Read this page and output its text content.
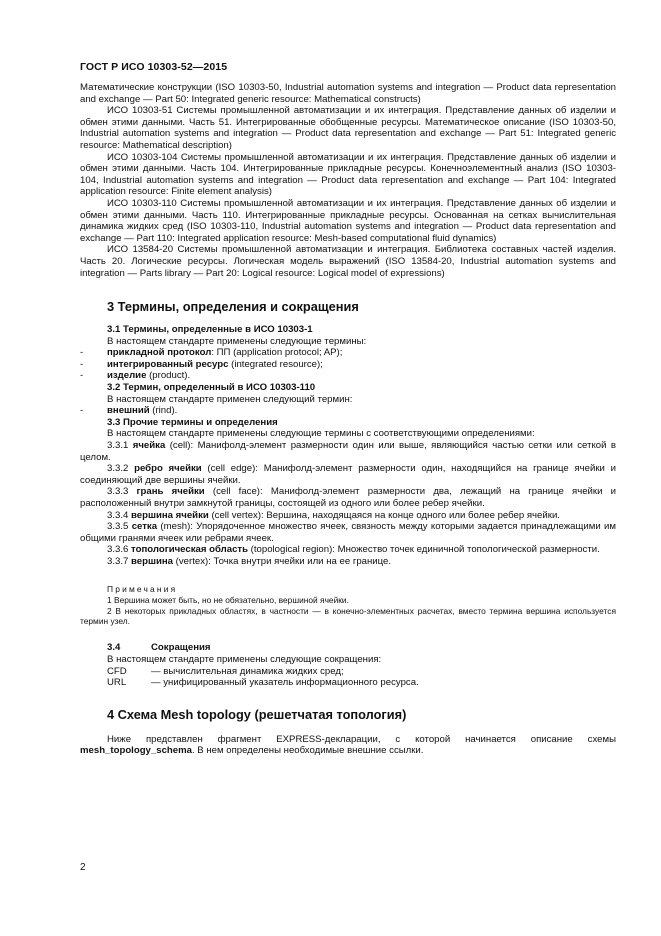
ГОСТ Р ИСО 10303-52—2015

Математические конструкции (ISO 10303-50, Industrial automation systems and integration — Product data representation and exchange — Part 50: Integrated generic resource: Mathematical constructs)

ИСО 10303-51 Системы промышленной автоматизации и их интеграция. Представление данных об изделии и обмен этими данными. Часть 51. Интегрированные обобщенные ресурсы. Математическое описание (ISO 10303-50, Industrial automation systems and integration — Product data representation and exchange — Part 51: Integrated generic resource: Mathematical description)

ИСО 10303-104 Системы промышленной автоматизации и их интеграция. Представление данных об изделии и обмен этими данными. Часть 104. Интегрированные прикладные ресурсы. Конечноэлементный анализ (ISO 10303-104, Industrial automation systems and integration — Product data representation and exchange — Part 104: Integrated application resource: Finite element analysis)

ИСО 10303-110 Системы промышленной автоматизации и их интеграция. Представление данных об изделии и обмен этими данными. Часть 110. Интегрированные прикладные ресурсы. Основанная на сетках вычислительная динамика жидких сред (ISO 10303-110, Industrial automation systems and integration — Product data representation and exchange — Part 110: Integrated application resource: Mesh-based computational fluid dynamics)

ИСО 13584-20 Системы промышленной автоматизации и интеграция. Библиотека составных частей изделия. Часть 20. Логические ресурсы. Логическая модель выражений (ISO 13584-20, Industrial automation systems and integration — Parts library — Part 20: Logical resource: Logical model of expressions)

3 Термины, определения и сокращения
3.1 Термины, определенные в ИСО 10303-1

В настоящем стандарте применены следующие термины:

-	прикладной протокол: ПП (application protocol; AP);
-	интегрированный ресурс (integrated resource);
-	изделие (product).
3.2 Термин, определенный в ИСО 10303-110

В настоящем стандарте применен следующий термин:

-	внешний (rind).
3.3 Прочие термины и определения

В настоящем стандарте применены следующие термины с соответствующими определениями:

3.3.1 ячейка (cell): Манифолд-элемент размерности один или выше, являющийся частью сетки или сеткой в целом.

3.3.2 ребро ячейки (cell edge): Манифолд-элемент размерности один, находящийся на границе ячейки и соединяющий две вершины ячейки.

3.3.3 грань ячейки (cell face): Манифолд-элемент размерности два, лежащий на границе ячейки и расположенный внутри замкнутой границы, состоящей из одного или более ребер ячейки.

3.3.4 вершина ячейки (cell vertex): Вершина, находящаяся на конце одного или более ребер ячейки.

3.3.5 сетка (mesh): Упорядоченное множество ячеек, связность между которыми задается принадлежащими им общими гранями ячеек или ребрами ячеек.

3.3.6 топологическая область (topological region): Множество точек единичной топологической размерности.

3.3.7 вершина (vertex): Точка внутри ячейки или на ее границе.

Примечания

1 Вершина может быть, но не обязательно, вершиной ячейки.

2 В некоторых прикладных областях, в частности — в конечно-элементных расчетах, вместо термина вершина используется термин узел.

3.4	Сокращения

В настоящем стандарте применены следующие сокращения:

CFD	— вычислительная динамика жидких сред;
URL	— унифицированный указатель информационного ресурса.
4 Схема Mesh topology (решетчатая топология)

Ниже представлен фрагмент EXPRESS-декларации, с которой начинается описание схемы mesh_topology_schema. В нем определены необходимые внешние ссылки.

2
